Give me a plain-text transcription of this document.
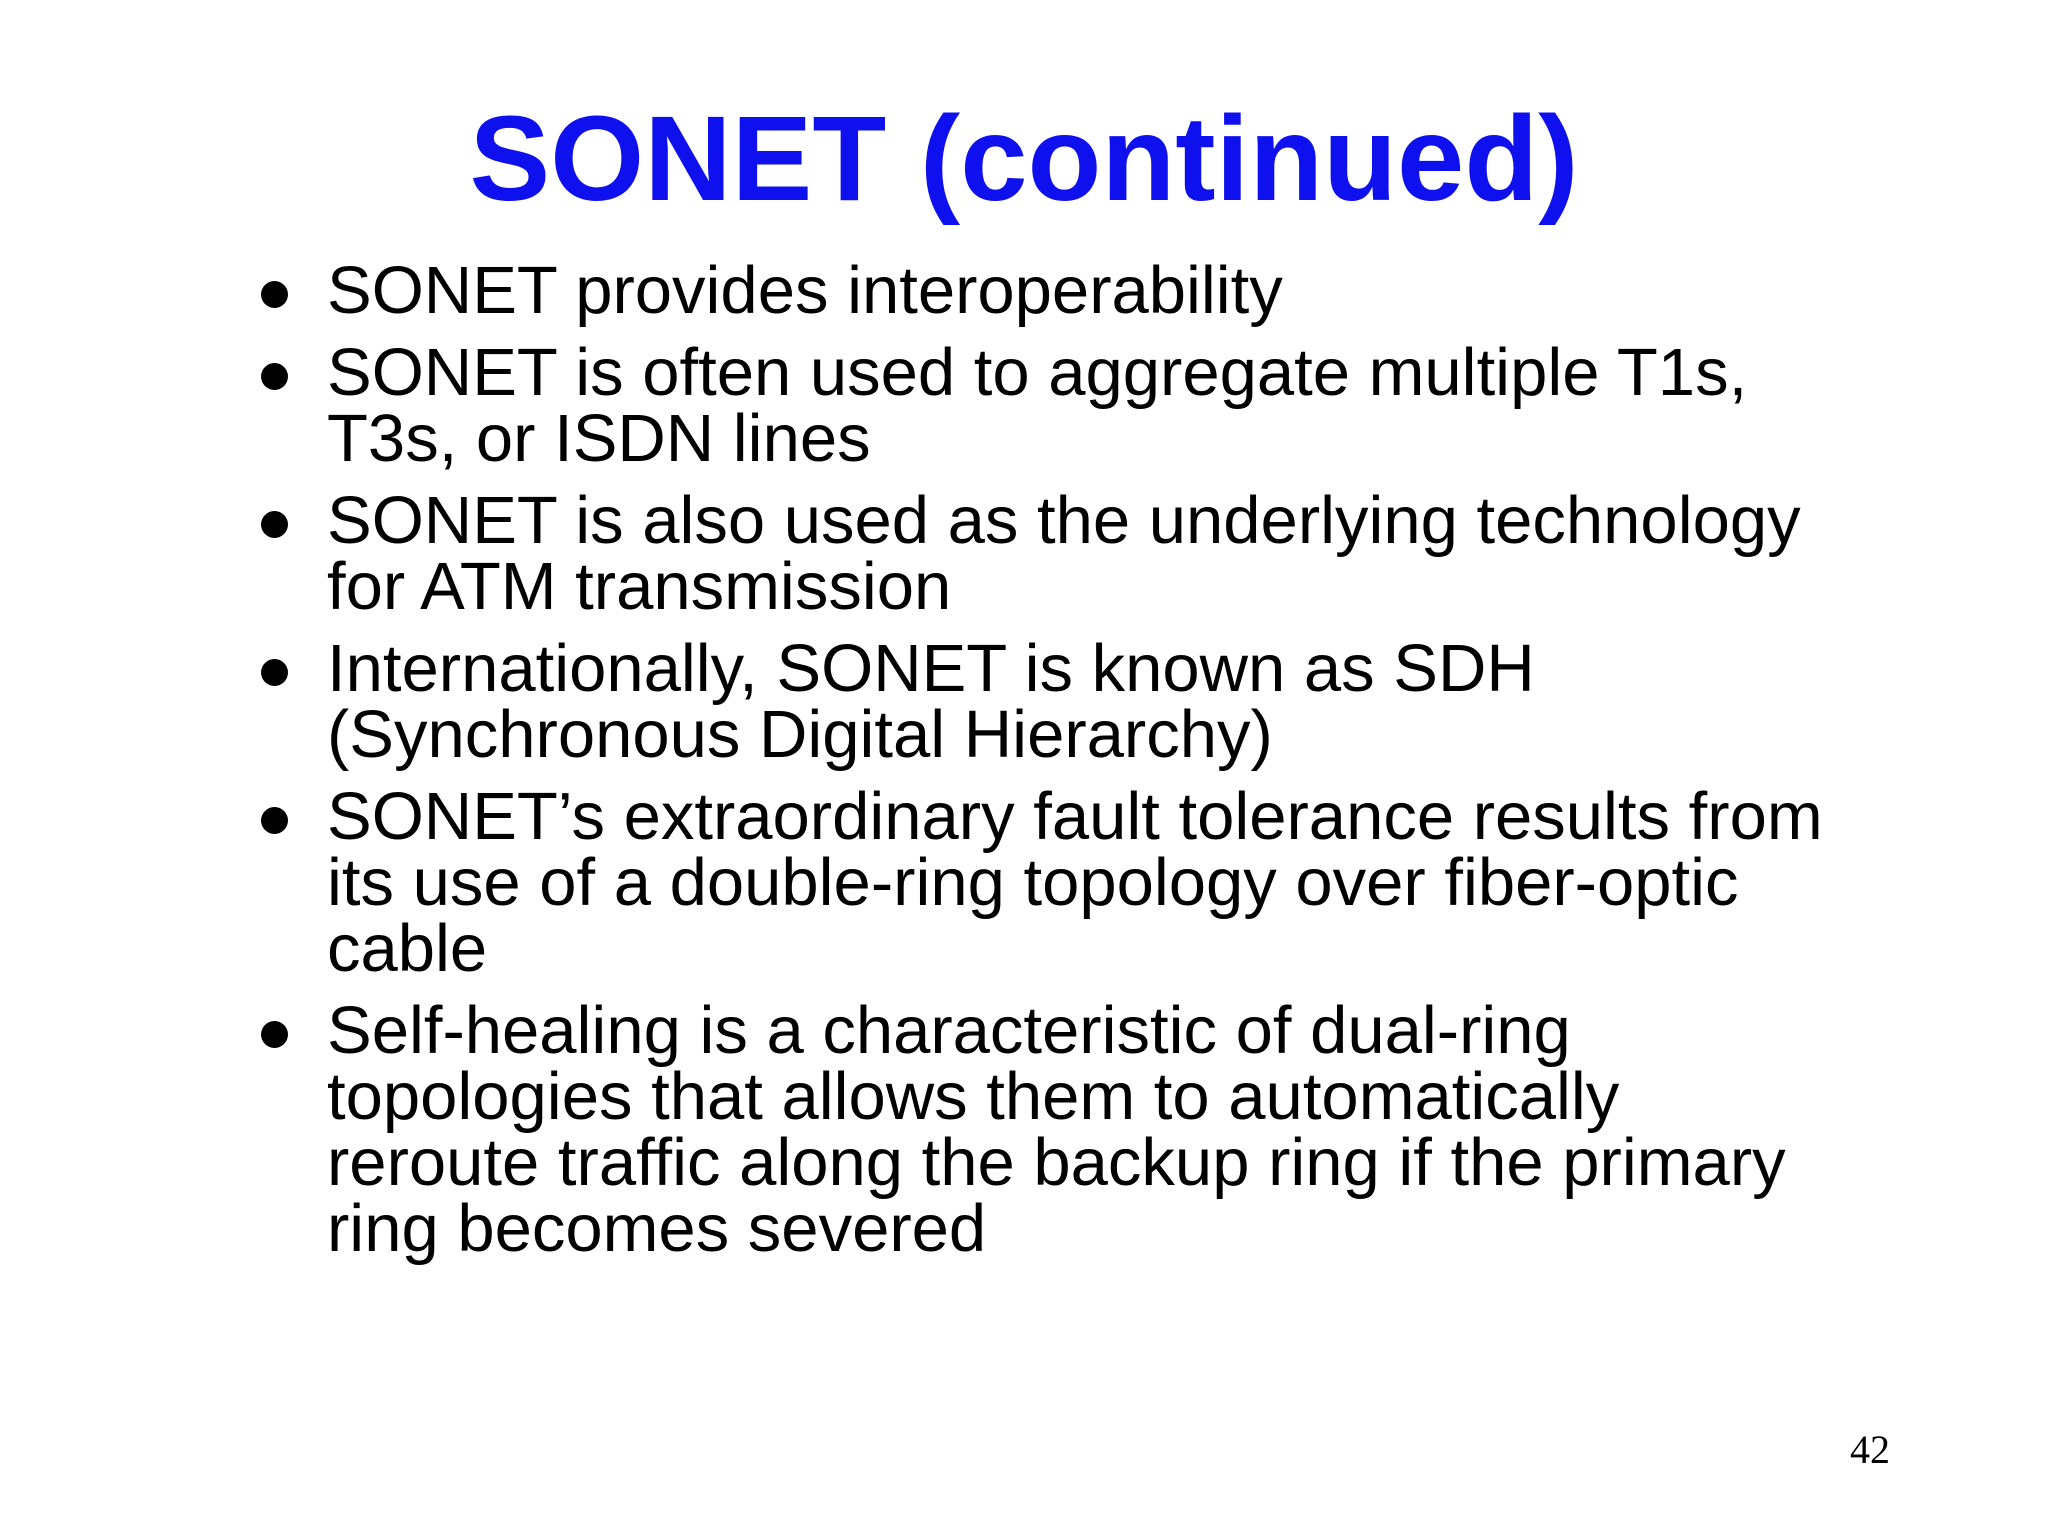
SONET (continued)
SONET provides interoperability
SONET is often used to aggregate multiple T1s,
T3s, or ISDN lines
SONET is also used as the underlying technology
for ATM transmission
Internationally, SONET is known as SDH
(Synchronous Digital Hierarchy)
SONET’s extraordinary fault tolerance results from
its use of a double-ring topology over fiber-optic
cable
Self-healing is a characteristic of dual-ring
topologies that allows them to automatically
reroute traffic along the backup ring if the primary
ring becomes severed
42
